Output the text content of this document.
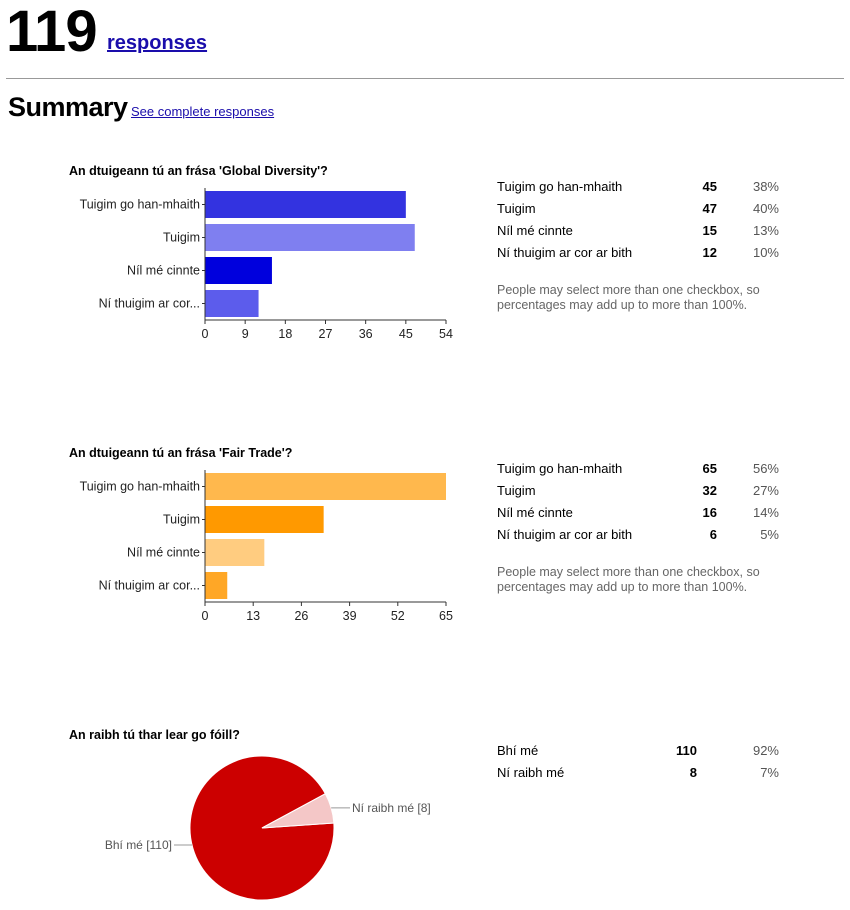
119 responses
Summary See complete responses
An dtuigeann tú an frása 'Global Diversity'?
Tuigim go han-mhaith
Tuigim
Níl mé cinnte
Ní thuigim ar cor...
0	9 18 27 36 45 54
Tuigim go han-mhaith	45	38%
Tuigim	47	40%
Níl mé cinnte	15	13%
Ní thuigim ar cor ar bith	12	10%
People may select more than one checkbox, so percentages may add up to more than 100%.
An dtuigeann tú an frása 'Fair Trade'?
Tuigim go han-mhaith
Tuigim
Níl mé cinnte
Ní thuigim ar cor...
0	13	26	39	52	65
Tuigim go han-mhaith	65	56%
Tuigim	32	27%
Níl mé cinnte	16	14%
Ní thuigim ar cor ar bith	6	5%
People may select more than one checkbox, so percentages may add up to more than 100%.
An raibh tú thar lear go fóill?
Ní raibh mé [8]
Bhí mé [110]
Bhí mé	110	92%
Ní raibh mé	8	7%
